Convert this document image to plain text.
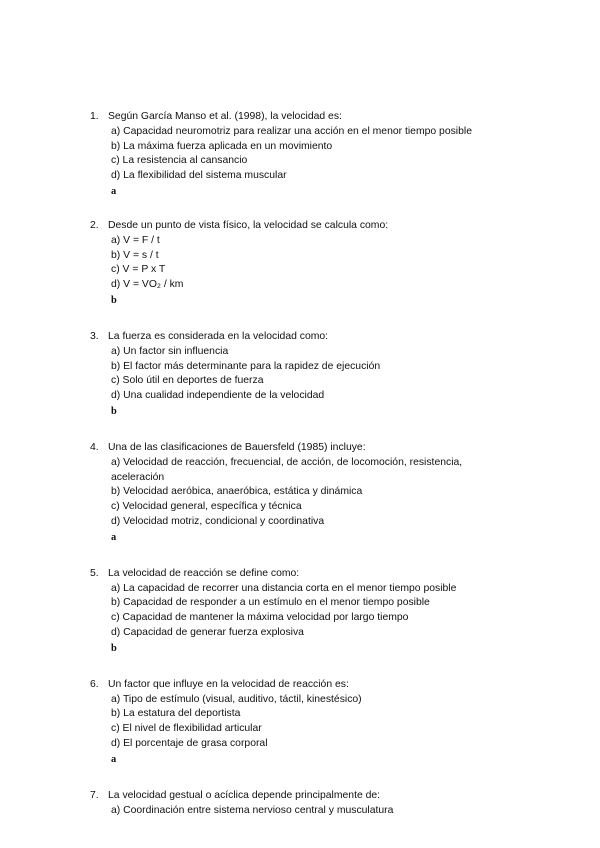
1. Según García Manso et al. (1998), la velocidad es:
a) Capacidad neuromotriz para realizar una acción en el menor tiempo posible
b) La máxima fuerza aplicada en un movimiento
c) La resistencia al cansancio
d) La flexibilidad del sistema muscular
a
2. Desde un punto de vista físico, la velocidad se calcula como:
a) V = F / t
b) V = s / t
c) V = P x T
d) V = VO₂ / km
b
3. La fuerza es considerada en la velocidad como:
a) Un factor sin influencia
b) El factor más determinante para la rapidez de ejecución
c) Solo útil en deportes de fuerza
d) Una cualidad independiente de la velocidad
b
4. Una de las clasificaciones de Bauersfeld (1985) incluye:
a) Velocidad de reacción, frecuencial, de acción, de locomoción, resistencia, aceleración
b) Velocidad aeróbica, anaeróbica, estática y dinámica
c) Velocidad general, específica y técnica
d) Velocidad motriz, condicional y coordinativa
a
5. La velocidad de reacción se define como:
a) La capacidad de recorrer una distancia corta en el menor tiempo posible
b) Capacidad de responder a un estímulo en el menor tiempo posible
c) Capacidad de mantener la máxima velocidad por largo tiempo
d) Capacidad de generar fuerza explosiva
b
6. Un factor que influye en la velocidad de reacción es:
a) Tipo de estímulo (visual, auditivo, táctil, kinestésico)
b) La estatura del deportista
c) El nivel de flexibilidad articular
d) El porcentaje de grasa corporal
a
7. La velocidad gestual o acíclica depende principalmente de:
a) Coordinación entre sistema nervioso central y musculatura
